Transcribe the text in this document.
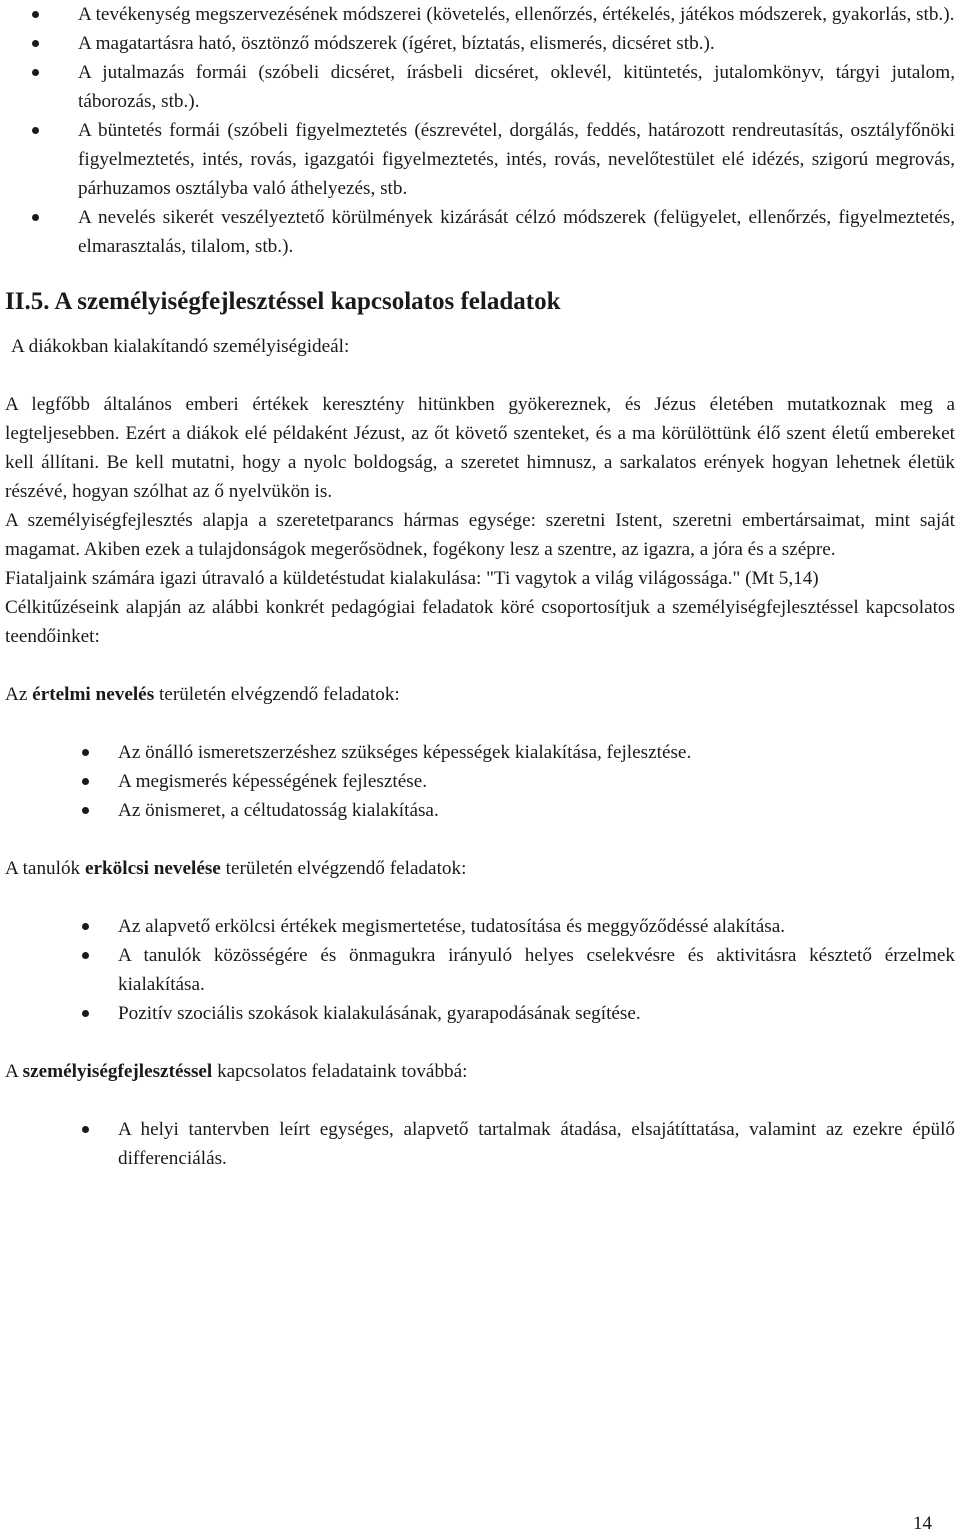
A tevékenység megszervezésének módszerei (követelés, ellenőrzés, értékelés, játékos módszerek, gyakorlás, stb.).
A magatartásra ható, ösztönző módszerek (ígéret, bíztatás, elismerés, dicséret stb.).
A jutalmazás formái (szóbeli dicséret, írásbeli dicséret, oklevél, kitüntetés, jutalomkönyv, tárgyi jutalom, táborozás, stb.).
A büntetés formái (szóbeli figyelmeztetés (észrevétel, dorgálás, feddés, határozott rendreutasítás, osztályfőnöki figyelmeztetés, intés, rovás, igazgatói figyelmeztetés, intés, rovás, nevelőtestület elé idézés, szigorú megrovás, párhuzamos osztályba való áthelyezés, stb.
A nevelés sikerét veszélyeztető körülmények kizárását célzó módszerek (felügyelet, ellenőrzés, figyelmeztetés, elmarasztalás, tilalom, stb.).
II.5. A személyiségfejlesztéssel kapcsolatos feladatok

A diákokban kialakítandó személyiségideál:

A legfőbb általános emberi értékek keresztény hitünkben gyökereznek, és Jézus életében mutatkoznak meg a legteljesebben. Ezért a diákok elé példaként Jézust, az őt követő szenteket, és a ma körülöttünk élő szent életű embereket kell állítani. Be kell mutatni, hogy a nyolc boldogság, a szeretet himnusz, a sarkalatos erények hogyan lehetnek életük részévé, hogyan szólhat az ő nyelvükön is.

A személyiségfejlesztés alapja a szeretetparancs hármas egysége: szeretni Istent, szeretni embertársaimat, mint saját magamat. Akiben ezek a tulajdonságok megerősödnek, fogékony lesz a szentre, az igazra, a jóra és a szépre.

Fiataljaink számára igazi útravaló a küldetéstudat kialakulása: "Ti vagytok a világ világossága." (Mt 5,14)

Célkitűzéseink alapján az alábbi konkrét pedagógiai feladatok köré csoportosítjuk a személyiségfejlesztéssel kapcsolatos teendőinket:

Az értelmi nevelés területén elvégzendő feladatok:

Az önálló ismeretszerzéshez szükséges képességek kialakítása, fejlesztése.
A megismerés képességének fejlesztése.
Az önismeret, a céltudatosság kialakítása.

A tanulók erkölcsi nevelése területén elvégzendő feladatok:

Az alapvető erkölcsi értékek megismertetése, tudatosítása és meggyőződéssé alakítása.
A tanulók közösségére és önmagukra irányuló helyes cselekvésre és aktivitásra késztető érzelmek kialakítása.
Pozitív szociális szokások kialakulásának, gyarapodásának segítése.

A személyiségfejlesztéssel kapcsolatos feladataink továbbá:

A helyi tantervben leírt egységes, alapvető tartalmak átadása, elsajátíttatása, valamint az ezekre épülő differenciálás.
14
